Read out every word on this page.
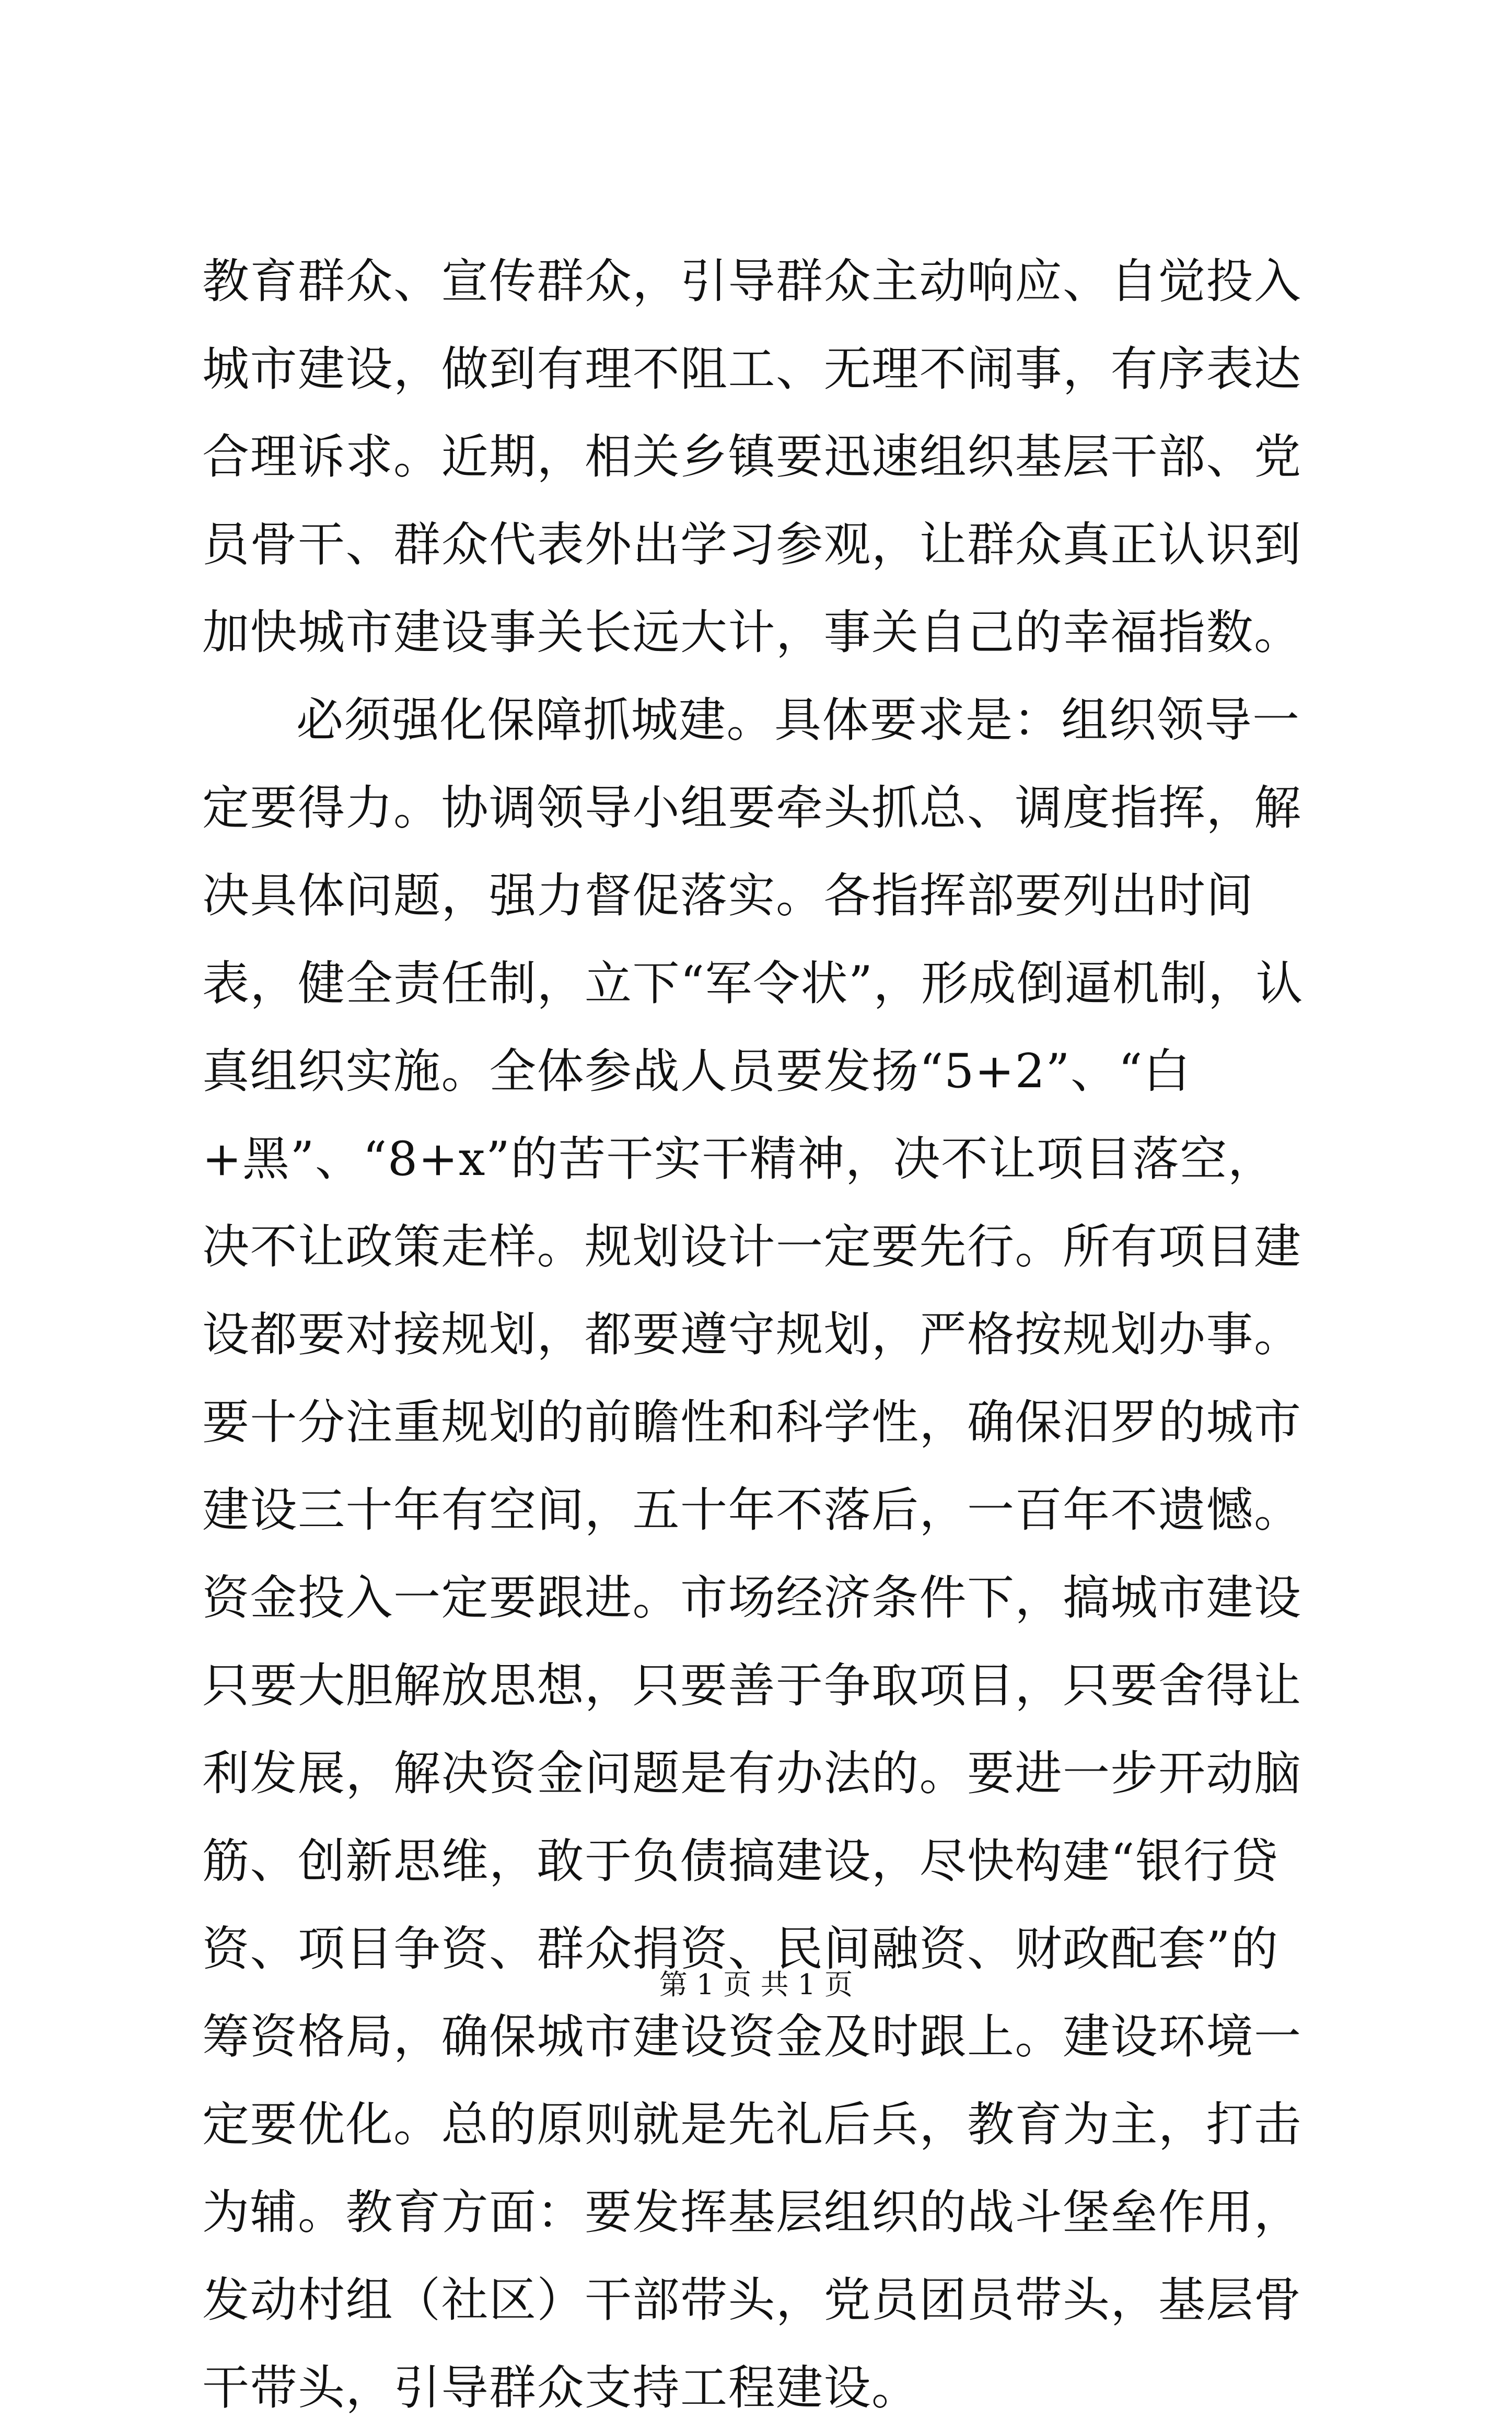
教育群众、宣传群众，引导群众主动响应、自觉投入城市建设，做到有理不阻工、无理不闹事，有序表达合理诉求。近期，相关乡镇要迅速组织基层干部、党员骨干、群众代表外出学习参观，让群众真正认识到加快城市建设事关长远大计，事关自己的幸福指数。

必须强化保障抓城建。具体要求是：组织领导一定要得力。协调领导小组要牵头抓总、调度指挥，解决具体问题，强力督促落实。各指挥部要列出时间表，健全责任制，立下“军令状”，形成倒逼机制，认真组织实施。全体参战人员要发扬“5+2”、“白+黑”、“8+x”的苦干实干精神，决不让项目落空，决不让政策走样。规划设计一定要先行。所有项目建设都要对接规划，都要遵守规划，严格按规划办事。要十分注重规划的前瞻性和科学性，确保汨罗的城市建设三十年有空间，五十年不落后，一百年不遗憾。资金投入一定要跟进。市场经济条件下，搞城市建设只要大胆解放思想，只要善于争取项目，只要舍得让利发展，解决资金问题是有办法的。要进一步开动脑筋、创新思维，敢于负债搞建设，尽快构建“银行贷资、项目争资、群众捐资、民间融资、财政配套”的筹资格局，确保城市建设资金及时跟上。建设环境一定要优化。总的原则就是先礼后兵，教育为主，打击为辅。教育方面：要发挥基层组织的战斗堡垒作用，发动村组（社区）干部带头，党员团员带头，基层骨干带头，引导群众支持工程建设。

第 1 页 共 1 页
